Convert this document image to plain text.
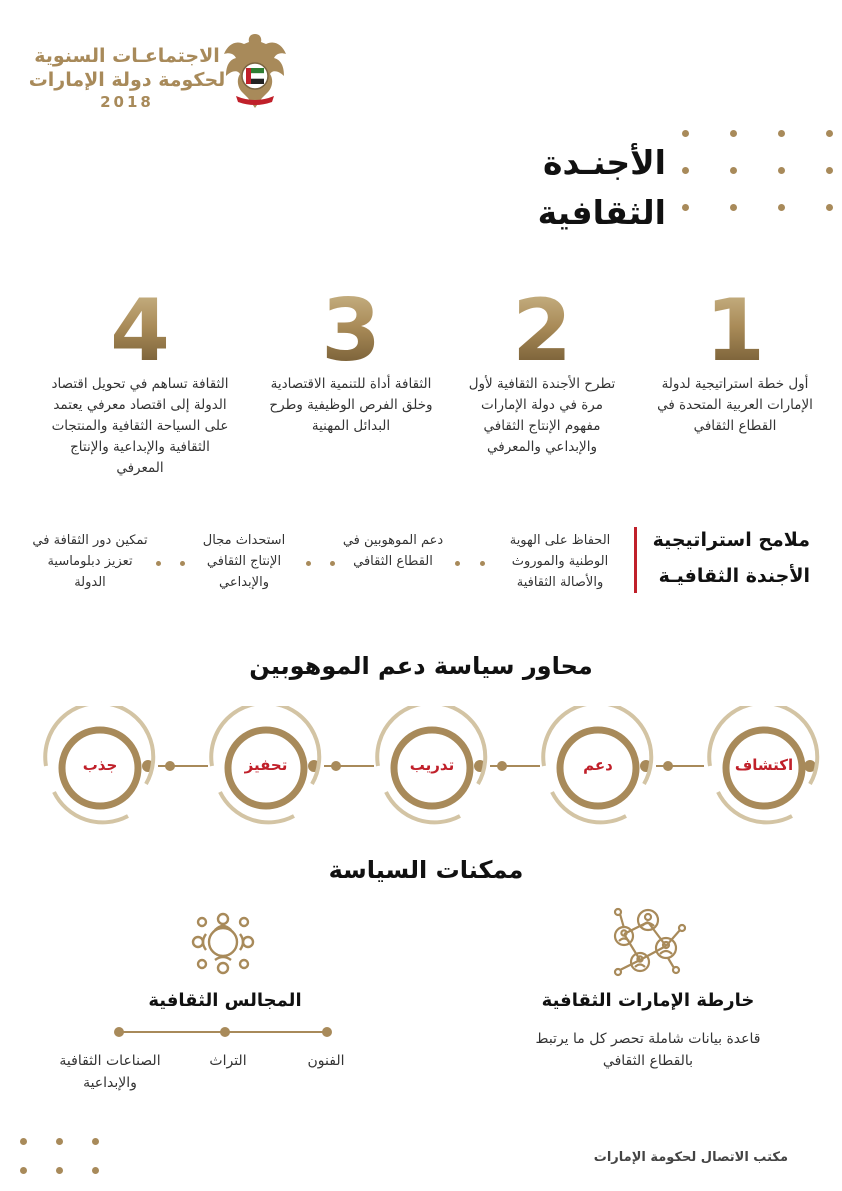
الاجتماعـات السنوية
لحكومة دولة الإمارات
2018
الأجنـدة
الثقافية
1
أول خطة استراتيجية لدولة الإمارات العربية المتحدة في القطاع الثقافي
2
تطرح الأجندة الثقافية لأول مرة في دولة الإمارات مفهوم الإنتاج الثقافي والإبداعي والمعرفي
3
الثقافة أداة للتنمية الاقتصادية وخلق الفرص الوظيفية وطرح البدائل المهنية
4
الثقافة تساهم في تحويل اقتصاد الدولة إلى اقتصاد معرفي يعتمد على السياحة الثقافية والمنتجات الثقافية والإبداعية والإنتاج المعرفي
ملامح استراتيجية
الأجندة الثقافيـة
الحفاظ على الهوية الوطنية والموروث والأصالة الثقافية
دعم الموهوبين في القطاع الثقافي
استحداث مجال الإنتاج الثقافي والإبداعي
تمكين دور الثقافة في تعزيز دبلوماسية الدولة
محاور سياسة دعم الموهوبين
اكتشاف
دعم
تدريب
تحفيز
جذب
ممكنات السياسة
خارطة الإمارات الثقافية
قاعدة بيانات شاملة تحصر كل ما يرتبط بالقطاع الثقافي
المجالس الثقافية
الفنون
التراث
الصناعات الثقافية والإبداعية
مكتب الاتصال لحكومة الإمارات
